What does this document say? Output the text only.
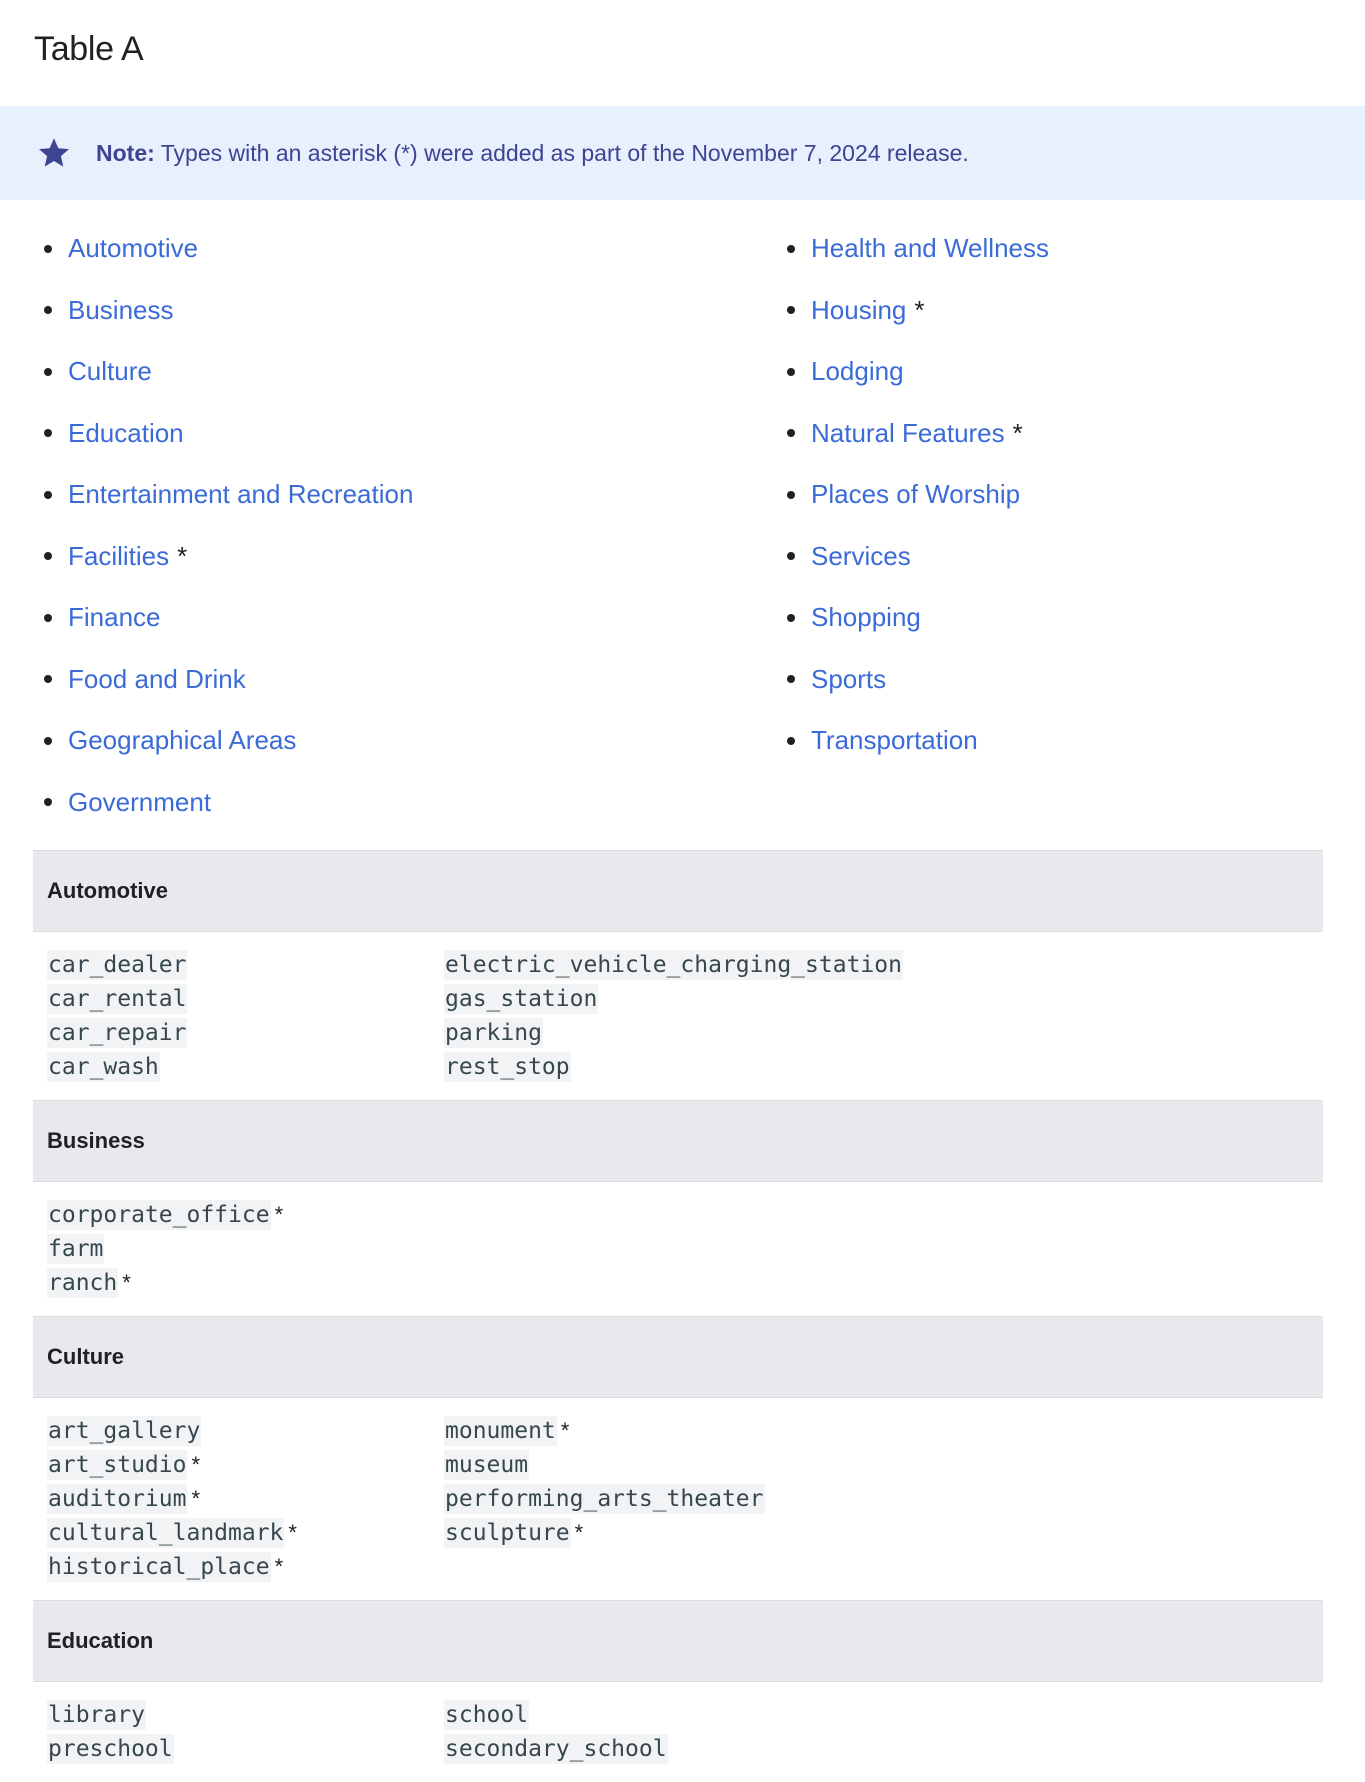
Table A
Note: Types with an asterisk (*) were added as part of the November 7, 2024 release.
Automotive
Business
Culture
Education
Entertainment and Recreation
Facilities *
Finance
Food and Drink
Geographical Areas
Government
Health and Wellness
Housing *
Lodging
Natural Features *
Places of Worship
Services
Shopping
Sports
Transportation
Automotive
car_dealer
car_rental
car_repair
car_wash
electric_vehicle_charging_station
gas_station
parking
rest_stop
Business
corporate_office *
farm
ranch *
Culture
art_gallery
art_studio *
auditorium *
cultural_landmark *
historical_place *
monument *
museum
performing_arts_theater
sculpture *
Education
library
preschool
school
secondary_school
